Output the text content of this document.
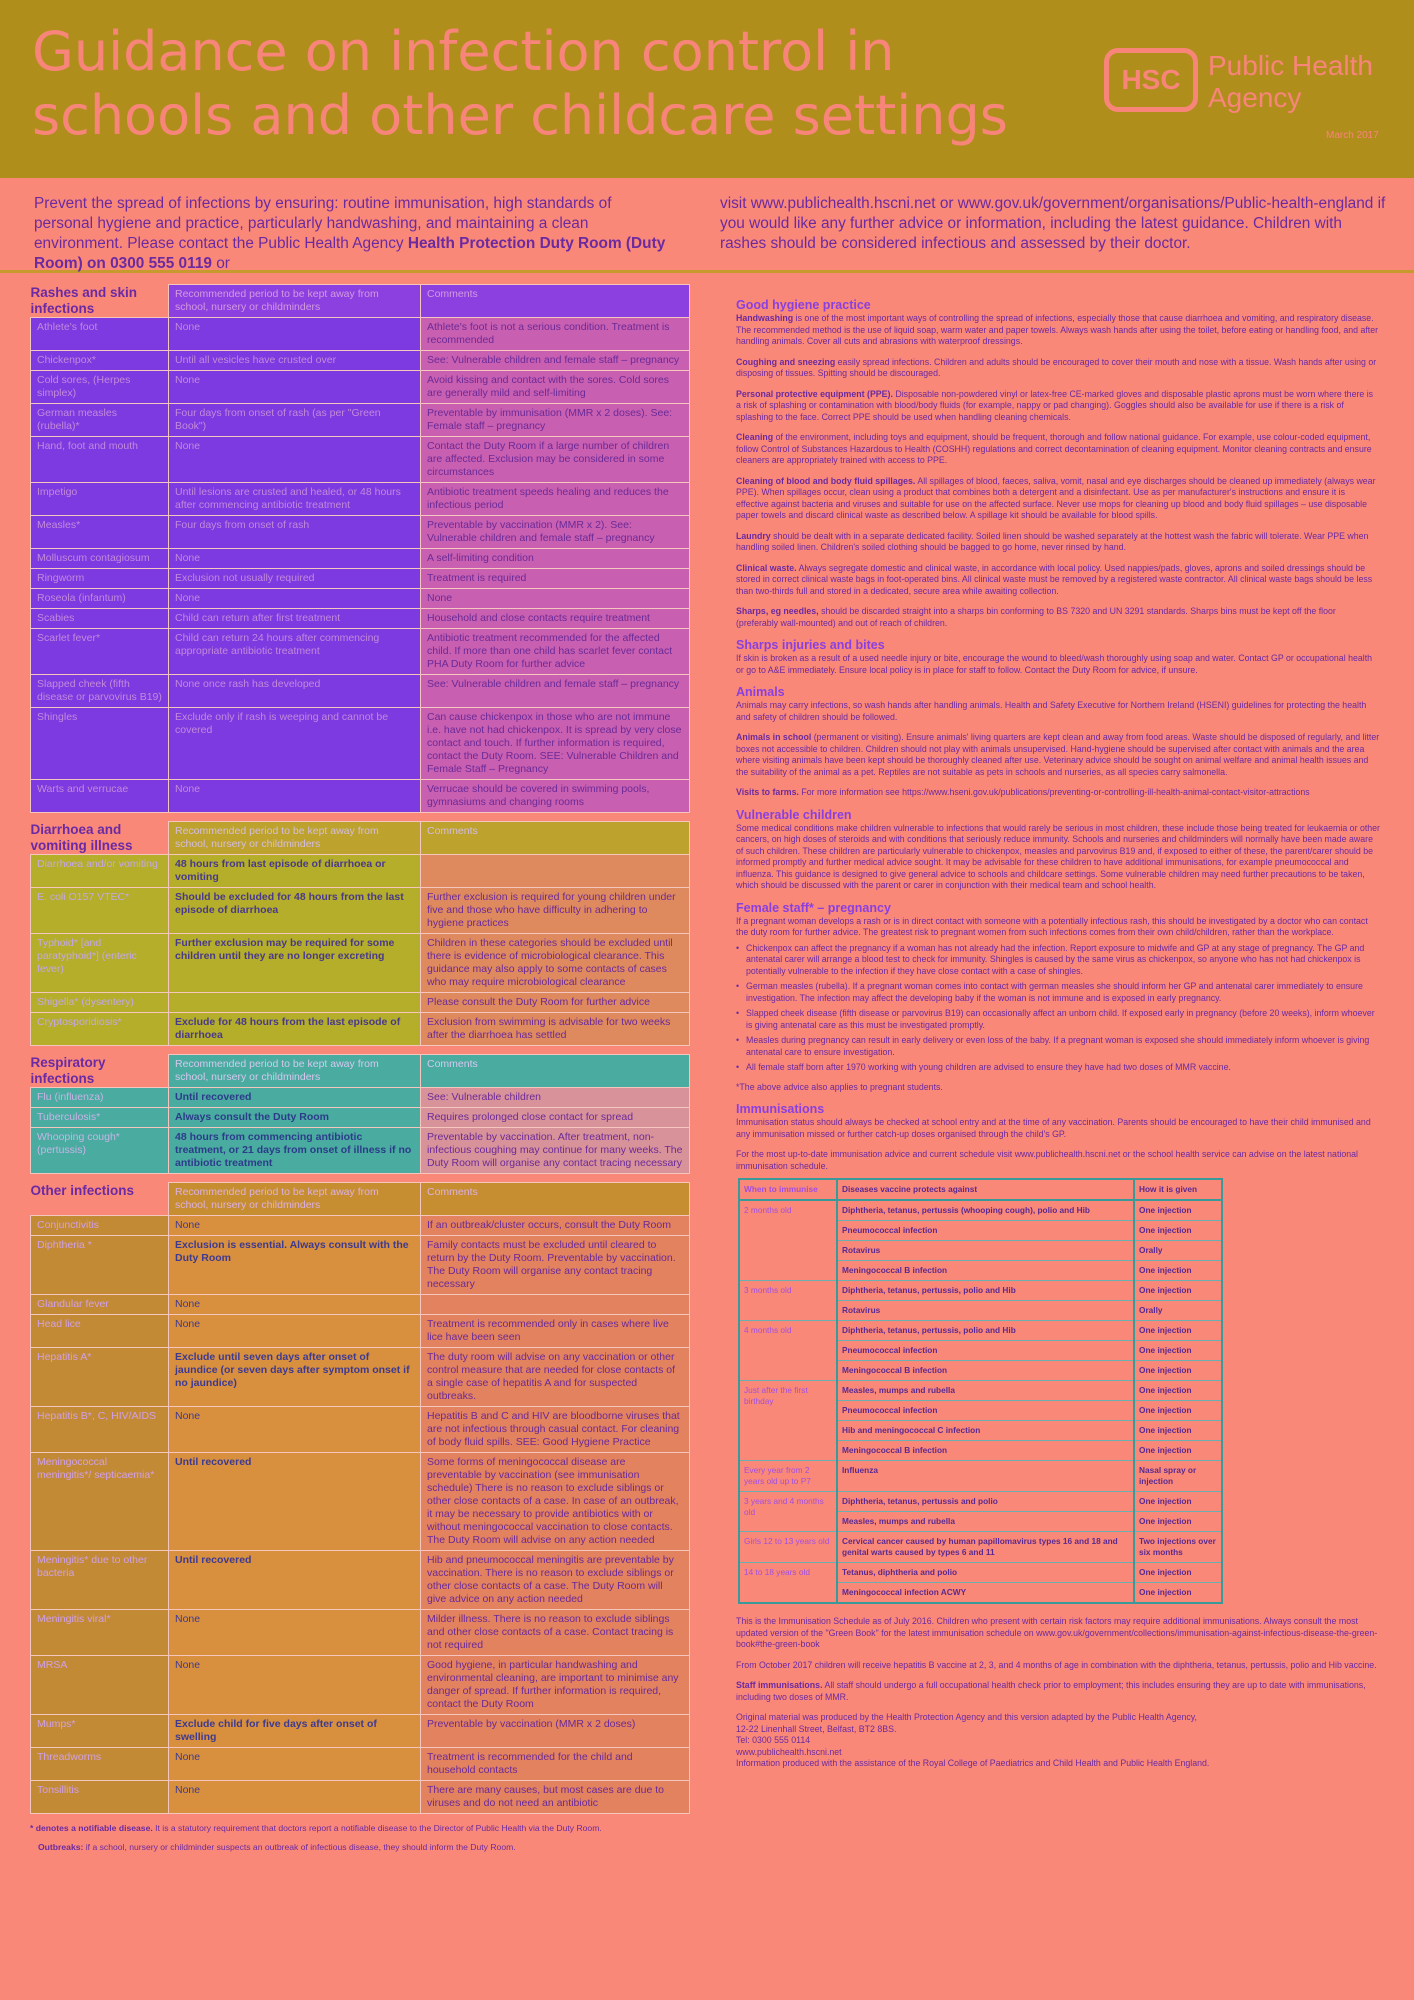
Guidance on infection control in
schools and other childcare settings
HSC Public Health
Agency
March 2017
Prevent the spread of infections by ensuring: routine immunisation, high standards of personal hygiene and practice, particularly handwashing, and maintaining a clean environment. Please contact the Public Health Agency Health Protection Duty Room (Duty Room) on 0300 555 0119 or
visit www.publichealth.hscni.net or www.gov.uk/government/organisations/Public-health-england if you would like any further advice or information, including the latest guidance. Children with rashes should be considered infectious and assessed by their doctor.
Rashes and skin infections	Recommended period to be kept away from school, nursery or childminders	Comments
Athlete's foot	None	Athlete's foot is not a serious condition. Treatment is recommended
Chickenpox*	Until all vesicles have crusted over	See: Vulnerable children and female staff – pregnancy
Cold sores, (Herpes simplex)	None	Avoid kissing and contact with the sores. Cold sores are generally mild and self-limiting
German measles (rubella)*	Four days from onset of rash (as per "Green Book")	Preventable by immunisation (MMR x 2 doses). See: Female staff – pregnancy
Hand, foot and mouth	None	Contact the Duty Room if a large number of children are affected. Exclusion may be considered in some circumstances
Impetigo	Until lesions are crusted and healed, or 48 hours after commencing antibiotic treatment	Antibiotic treatment speeds healing and reduces the infectious period
Measles*	Four days from onset of rash	Preventable by vaccination (MMR x 2). See: Vulnerable children and female staff – pregnancy
Molluscum contagiosum	None	A self-limiting condition
Ringworm	Exclusion not usually required	Treatment is required
Roseola (infantum)	None	None
Scabies	Child can return after first treatment	Household and close contacts require treatment
Scarlet fever*	Child can return 24 hours after commencing appropriate antibiotic treatment	Antibiotic treatment recommended for the affected child. If more than one child has scarlet fever contact PHA Duty Room for further advice
Slapped cheek (fifth disease or parvovirus B19)	None once rash has developed	See: Vulnerable children and female staff – pregnancy
Shingles	Exclude only if rash is weeping and cannot be covered	Can cause chickenpox in those who are not immune i.e. have not had chickenpox. It is spread by very close contact and touch. If further information is required, contact the Duty Room. SEE: Vulnerable Children and Female Staff – Pregnancy
Warts and verrucae	None	Verrucae should be covered in swimming pools, gymnasiums and changing rooms
Diarrhoea and vomiting illness	Recommended period to be kept away from school, nursery or childminders	Comments
Diarrhoea and/or vomiting	48 hours from last episode of diarrhoea or vomiting	
E. coli O157 VTEC*	Should be excluded for 48 hours from the last episode of diarrhoea	Further exclusion is required for young children under five and those who have difficulty in adhering to hygiene practices
Typhoid* [and paratyphoid*] (enteric fever)	Further exclusion may be required for some children until they are no longer excreting	Children in these categories should be excluded until there is evidence of microbiological clearance. This guidance may also apply to some contacts of cases who may require microbiological clearance
Shigella* (dysentery)		Please consult the Duty Room for further advice
Cryptosporidiosis*	Exclude for 48 hours from the last episode of diarrhoea	Exclusion from swimming is advisable for two weeks after the diarrhoea has settled
Respiratory infections	Recommended period to be kept away from school, nursery or childminders	Comments
Flu (influenza)	Until recovered	See: Vulnerable children
Tuberculosis*	Always consult the Duty Room	Requires prolonged close contact for spread
Whooping cough* (pertussis)	48 hours from commencing antibiotic treatment, or 21 days from onset of illness if no antibiotic treatment	Preventable by vaccination. After treatment, non-infectious coughing may continue for many weeks. The Duty Room will organise any contact tracing necessary
Other infections	Recommended period to be kept away from school, nursery or childminders	Comments
Conjunctivitis	None	If an outbreak/cluster occurs, consult the Duty Room
Diphtheria *	Exclusion is essential. Always consult with the Duty Room	Family contacts must be excluded until cleared to return by the Duty Room. Preventable by vaccination. The Duty Room will organise any contact tracing necessary
Glandular fever	None	
Head lice	None	Treatment is recommended only in cases where live lice have been seen
Hepatitis A*	Exclude until seven days after onset of jaundice (or seven days after symptom onset if no jaundice)	The duty room will advise on any vaccination or other control measure that are needed for close contacts of a single case of hepatitis A and for suspected outbreaks.
Hepatitis B*, C, HIV/AIDS	None	Hepatitis B and C and HIV are bloodborne viruses that are not infectious through casual contact. For cleaning of body fluid spills. SEE: Good Hygiene Practice
Meningococcal meningitis*/ septicaemia*	Until recovered	Some forms of meningococcal disease are preventable by vaccination (see immunisation schedule) There is no reason to exclude siblings or other close contacts of a case. In case of an outbreak, it may be necessary to provide antibiotics with or without meningococcal vaccination to close contacts. The Duty Room will advise on any action needed
Meningitis* due to other bacteria	Until recovered	Hib and pneumococcal meningitis are preventable by vaccination. There is no reason to exclude siblings or other close contacts of a case. The Duty Room will give advice on any action needed
Meningitis viral*	None	Milder illness. There is no reason to exclude siblings and other close contacts of a case. Contact tracing is not required
MRSA	None	Good hygiene, in particular handwashing and environmental cleaning, are important to minimise any danger of spread. If further information is required, contact the Duty Room
Mumps*	Exclude child for five days after onset of swelling	Preventable by vaccination (MMR x 2 doses)
Threadworms	None	Treatment is recommended for the child and household contacts
Tonsillitis	None	There are many causes, but most cases are due to viruses and do not need an antibiotic
* denotes a notifiable disease. It is a statutory requirement that doctors report a notifiable disease to the Director of Public Health via the Duty Room.
Outbreaks: if a school, nursery or childminder suspects an outbreak of infectious disease, they should inform the Duty Room.
Good hygiene practice

Handwashing is one of the most important ways of controlling the spread of infections, especially those that cause diarrhoea and vomiting, and respiratory disease. The recommended method is the use of liquid soap, warm water and paper towels. Always wash hands after using the toilet, before eating or handling food, and after handling animals. Cover all cuts and abrasions with waterproof dressings.

Coughing and sneezing easily spread infections. Children and adults should be encouraged to cover their mouth and nose with a tissue. Wash hands after using or disposing of tissues. Spitting should be discouraged.

Personal protective equipment (PPE). Disposable non-powdered vinyl or latex-free CE-marked gloves and disposable plastic aprons must be worn where there is a risk of splashing or contamination with blood/body fluids (for example, nappy or pad changing). Goggles should also be available for use if there is a risk of splashing to the face. Correct PPE should be used when handling cleaning chemicals.

Cleaning of the environment, including toys and equipment, should be frequent, thorough and follow national guidance. For example, use colour-coded equipment, follow Control of Substances Hazardous to Health (COSHH) regulations and correct decontamination of cleaning equipment. Monitor cleaning contracts and ensure cleaners are appropriately trained with access to PPE.

Cleaning of blood and body fluid spillages. All spillages of blood, faeces, saliva, vomit, nasal and eye discharges should be cleaned up immediately (always wear PPE). When spillages occur, clean using a product that combines both a detergent and a disinfectant. Use as per manufacturer's instructions and ensure it is effective against bacteria and viruses and suitable for use on the affected surface. Never use mops for cleaning up blood and body fluid spillages – use disposable paper towels and discard clinical waste as described below. A spillage kit should be available for blood spills.

Laundry should be dealt with in a separate dedicated facility. Soiled linen should be washed separately at the hottest wash the fabric will tolerate. Wear PPE when handling soiled linen. Children's soiled clothing should be bagged to go home, never rinsed by hand.

Clinical waste. Always segregate domestic and clinical waste, in accordance with local policy. Used nappies/pads, gloves, aprons and soiled dressings should be stored in correct clinical waste bags in foot-operated bins. All clinical waste must be removed by a registered waste contractor. All clinical waste bags should be less than two-thirds full and stored in a dedicated, secure area while awaiting collection.

Sharps, eg needles, should be discarded straight into a sharps bin conforming to BS 7320 and UN 3291 standards. Sharps bins must be kept off the floor (preferably wall-mounted) and out of reach of children.

Sharps injuries and bites

If skin is broken as a result of a used needle injury or bite, encourage the wound to bleed/wash thoroughly using soap and water. Contact GP or occupational health or go to A&E immediately. Ensure local policy is in place for staff to follow. Contact the Duty Room for advice, if unsure.

Animals

Animals may carry infections, so wash hands after handling animals. Health and Safety Executive for Northern Ireland (HSENI) guidelines for protecting the health and safety of children should be followed.

Animals in school (permanent or visiting). Ensure animals' living quarters are kept clean and away from food areas. Waste should be disposed of regularly, and litter boxes not accessible to children. Children should not play with animals unsupervised. Hand-hygiene should be supervised after contact with animals and the area where visiting animals have been kept should be thoroughly cleaned after use. Veterinary advice should be sought on animal welfare and animal health issues and the suitability of the animal as a pet. Reptiles are not suitable as pets in schools and nurseries, as all species carry salmonella.

Visits to farms. For more information see https://www.hseni.gov.uk/publications/preventing-or-controlling-ill-health-animal-contact-visitor-attractions

Vulnerable children

Some medical conditions make children vulnerable to infections that would rarely be serious in most children, these include those being treated for leukaemia or other cancers, on high doses of steroids and with conditions that seriously reduce immunity. Schools and nurseries and childminders will normally have been made aware of such children. These children are particularly vulnerable to chickenpox, measles and parvovirus B19 and, if exposed to either of these, the parent/carer should be informed promptly and further medical advice sought. It may be advisable for these children to have additional immunisations, for example pneumococcal and influenza. This guidance is designed to give general advice to schools and childcare settings. Some vulnerable children may need further precautions to be taken, which should be discussed with the parent or carer in conjunction with their medical team and school health.

Female staff* – pregnancy

If a pregnant woman develops a rash or is in direct contact with someone with a potentially infectious rash, this should be investigated by a doctor who can contact the duty room for further advice. The greatest risk to pregnant women from such infections comes from their own child/children, rather than the workplace.

• Chickenpox can affect the pregnancy if a woman has not already had the infection. Report exposure to midwife and GP at any stage of pregnancy. The GP and antenatal carer will arrange a blood test to check for immunity. Shingles is caused by the same virus as chickenpox, so anyone who has not had chickenpox is potentially vulnerable to the infection if they have close contact with a case of shingles.
• German measles (rubella). If a pregnant woman comes into contact with german measles she should inform her GP and antenatal carer immediately to ensure investigation. The infection may affect the developing baby if the woman is not immune and is exposed in early pregnancy.
• Slapped cheek disease (fifth disease or parvovirus B19) can occasionally affect an unborn child. If exposed early in pregnancy (before 20 weeks), inform whoever is giving antenatal care as this must be investigated promptly.
• Measles during pregnancy can result in early delivery or even loss of the baby. If a pregnant woman is exposed she should immediately inform whoever is giving antenatal care to ensure investigation.
• All female staff born after 1970 working with young children are advised to ensure they have had two doses of MMR vaccine.

*The above advice also applies to pregnant students.

Immunisations

Immunisation status should always be checked at school entry and at the time of any vaccination. Parents should be encouraged to have their child immunised and any immunisation missed or further catch-up doses organised through the child's GP.

For the most up-to-date immunisation advice and current schedule visit www.publichealth.hscni.net or the school health service can advise on the latest national immunisation schedule.

When to immunise	Diseases vaccine protects against	How it is given
2 months old	Diphtheria, tetanus, pertussis (whooping cough), polio and Hib	One injection
	Pneumococcal infection	One injection
	Rotavirus	Orally
	Meningococcal B infection	One injection
3 months old	Diphtheria, tetanus, pertussis, polio and Hib	One injection
	Rotavirus	Orally
4 months old	Diphtheria, tetanus, pertussis, polio and Hib	One injection
	Pneumococcal infection	One injection
	Meningococcal B infection	One injection
Just after the first birthday	Measles, mumps and rubella	One injection
	Pneumococcal infection	One injection
	Hib and meningococcal C infection	One injection
	Meningococcal B infection	One injection
Every year from 2 years old up to P7	Influenza	Nasal spray or injection
3 years and 4 months old	Diphtheria, tetanus, pertussis and polio	One injection
	Measles, mumps and rubella	One injection
Girls 12 to 13 years old	Cervical cancer caused by human papillomavirus types 16 and 18 and genital warts caused by types 6 and 11	Two injections over six months
14 to 18 years old	Tetanus, diphtheria and polio	One injection
	Meningococcal infection ACWY	One injection

This is the Immunisation Schedule as of July 2016. Children who present with certain risk factors may require additional immunisations. Always consult the most updated version of the "Green Book" for the latest immunisation schedule on www.gov.uk/government/collections/immunisation-against-infectious-disease-the-green-book#the-green-book

From October 2017 children will receive hepatitis B vaccine at 2, 3, and 4 months of age in combination with the diphtheria, tetanus, pertussis, polio and Hib vaccine.

Staff immunisations. All staff should undergo a full occupational health check prior to employment; this includes ensuring they are up to date with immunisations, including two doses of MMR.

Original material was produced by the Health Protection Agency and this version adapted by the Public Health Agency,
12-22 Linenhall Street, Belfast, BT2 8BS.
Tel: 0300 555 0114
www.publichealth.hscni.net
Information produced with the assistance of the Royal College of Paediatrics and Child Health and Public Health England.
